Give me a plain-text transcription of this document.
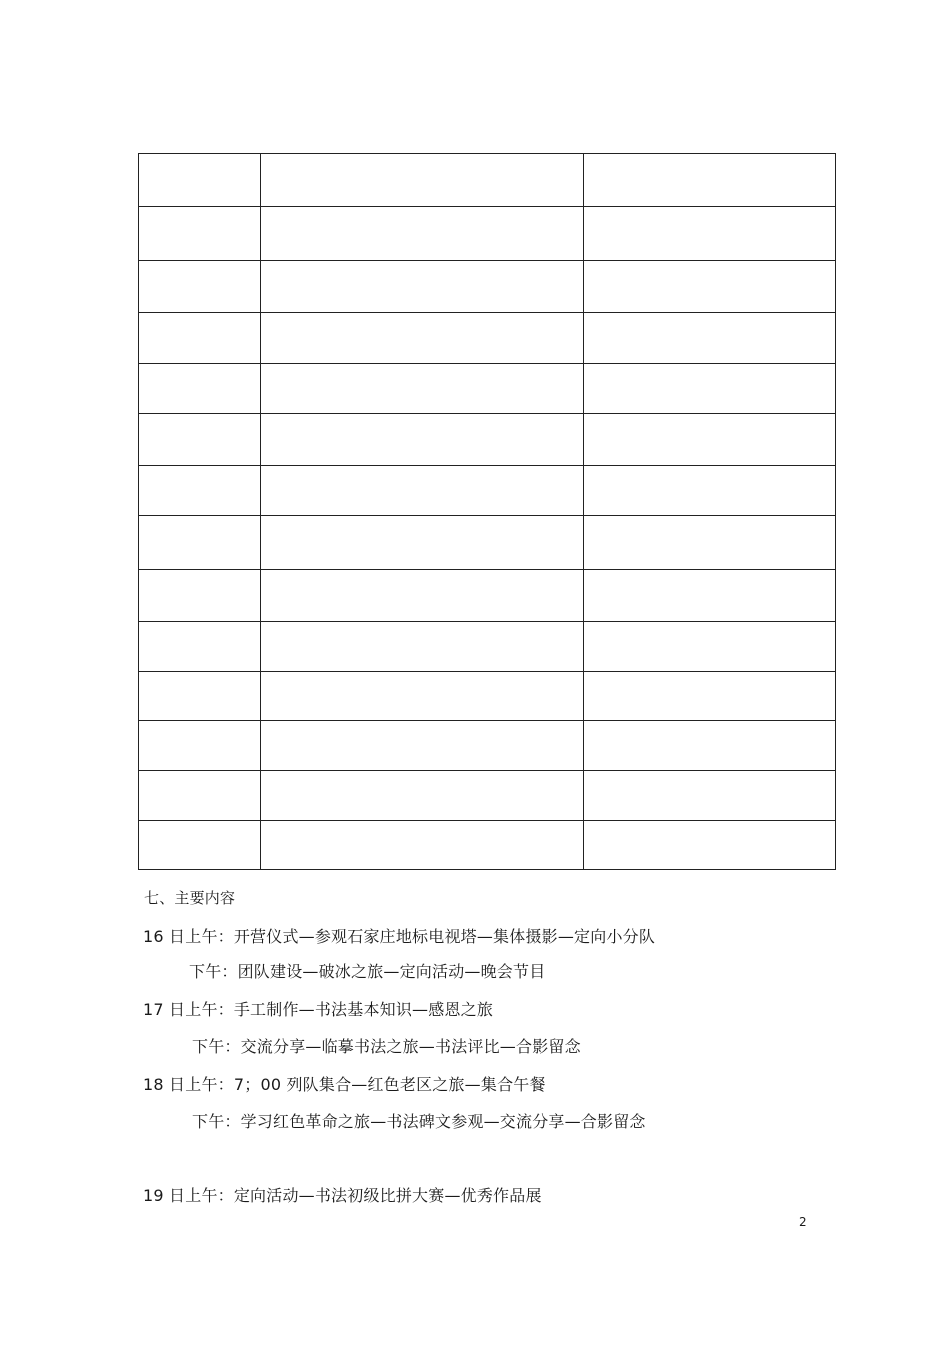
七、主要内容
16 日上午：开营仪式—参观石家庄地标电视塔—集体摄影—定向小分队
下午：团队建设—破冰之旅—定向活动—晚会节目
17 日上午：手工制作—书法基本知识—感恩之旅
下午：交流分享—临摹书法之旅—书法评比—合影留念
18 日上午：7；00 列队集合—红色老区之旅—集合午餐
下午：学习红色革命之旅—书法碑文参观—交流分享—合影留念
19 日上午：定向活动—书法初级比拼大赛—优秀作品展
2
